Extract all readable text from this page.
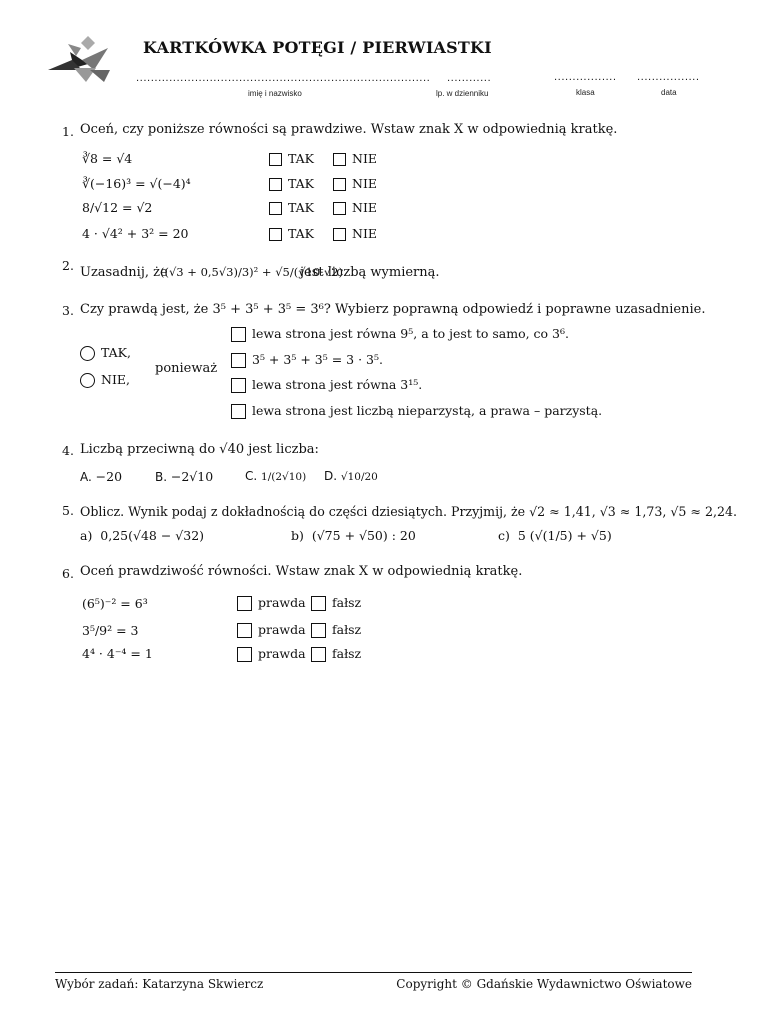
KARTKÓWKA POTĘGI / PIERWIASTKI
................................................................................	............	................. .................
imię i nazwisko	lp. w dzienniku	klasa	data
1. Oceń, czy poniższe równości są prawdziwe. Wstaw znak X w odpowiednią kratkę.
∛8 = √4	TAK	NIE
∛(−16)³ = √(−4)⁴	TAK	NIE
8/√12 = √2	TAK	NIE
4 · √4² + 3² = 20	TAK	NIE
2. Uzasadnij, że
((√3 + 0,5√3)/3)² + √5/(√10·√2)
jest liczbą wymierną.
3. Czy prawdą jest, że 3⁵ + 3⁵ + 3⁵ = 3⁶? Wybierz poprawną odpowiedź i poprawne uzasadnienie.
TAK,
NIE,
ponieważ
lewa strona jest równa 9⁵, a to jest to samo, co 3⁶.
3⁵ + 3⁵ + 3⁵ = 3 · 3⁵.
lewa strona jest równa 3¹⁵.
lewa strona jest liczbą nieparzystą, a prawa – parzystą.
4. Liczbą przeciwną do √40 jest liczba:
A. −20	B. −2√10	C. 1/(2√10) D. √10/20
5. Oblicz. Wynik podaj z dokładnością do części dziesiątych. Przyjmij, że √2 ≈ 1,41, √3 ≈ 1,73, √5 ≈ 2,24.
a) 0,25(√48 − √32)	b) (√75 + √50) : 20	c) 5 (√(1/5) + √5)
6. Oceń prawdziwość równości. Wstaw znak X w odpowiednią kratkę.
(6⁵)⁻² = 6³	prawda	fałsz
3⁵/9² = 3	prawda	fałsz
4⁴ · 4⁻⁴ = 1	prawda	fałsz
Wybór zadań: Katarzyna Skwiercz	Copyright © Gdańskie Wydawnictwo Oświatowe
